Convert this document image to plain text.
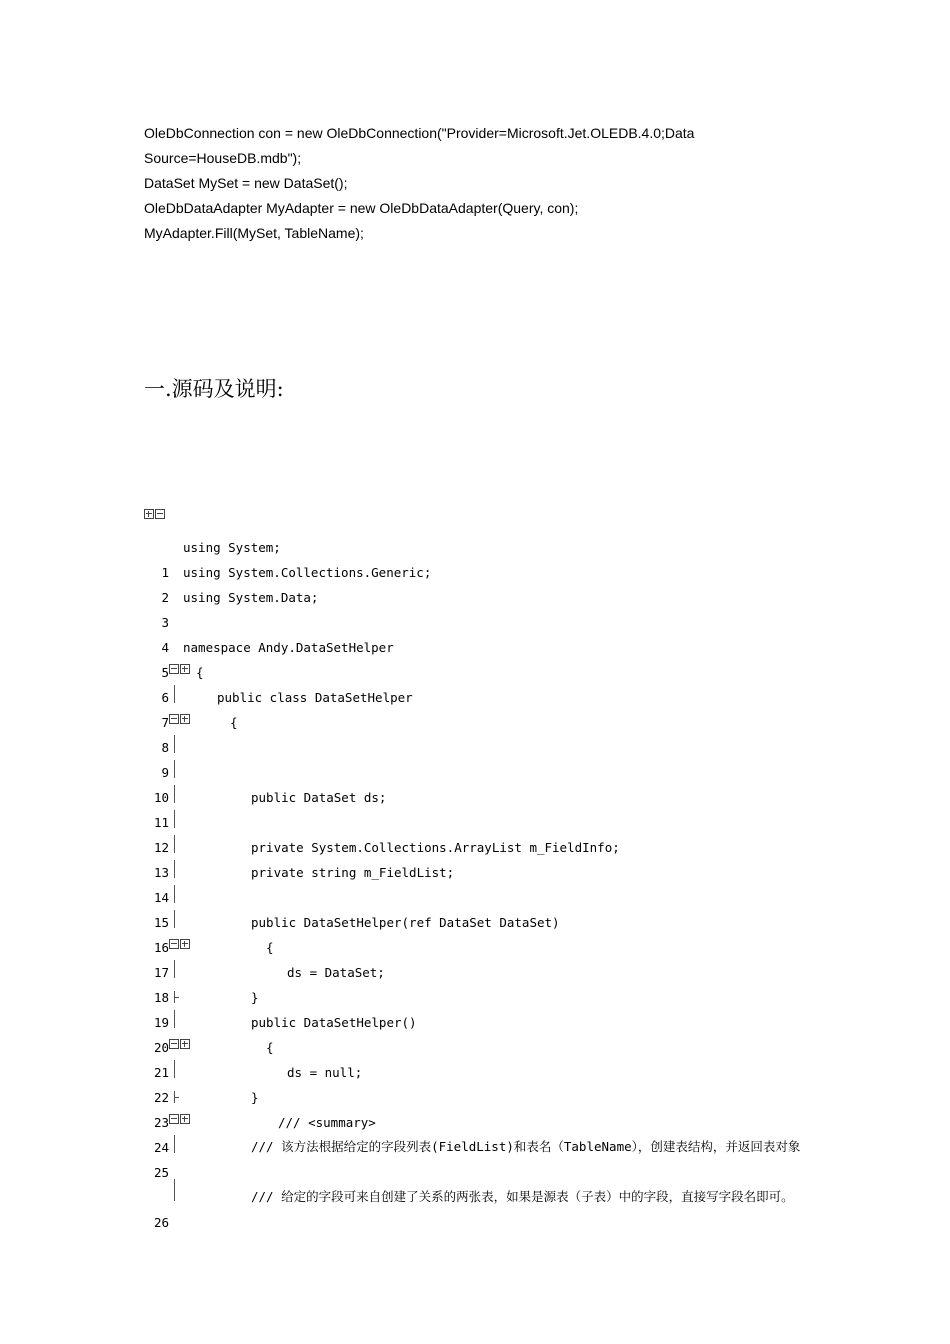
OleDbConnection con = new OleDbConnection("Provider=Microsoft.Jet.OLEDB.4.0;Data
Source=HouseDB.mdb");
DataSet MySet = new DataSet();
OleDbDataAdapter MyAdapter = new OleDbDataAdapter(Query, con);
MyAdapter.Fill(MySet, TableName);
一.源码及说明:

1

using System;

2

using System.Collections.Generic;

3

using System.Data;

4

5

namespace Andy.DataSetHelper

6

{

7

public class DataSetHelper

8

{

9

10

11

public DataSet ds;

12

13

private System.Collections.ArrayList m_FieldInfo;

14

private string m_FieldList;

15

16

public DataSetHelper(ref DataSet DataSet)

17

{

18

ds = DataSet;

19

}

20

public DataSetHelper()

21

{

22

ds = null;

23

}

24

/// <summary>

25

/// 该方法根据给定的字段列表(FieldList)和表名（TableName），创建表结构，并返回表对象

26

/// 给定的字段可来自创建了关系的两张表，如果是源表（子表）中的字段，直接写字段名即可。
